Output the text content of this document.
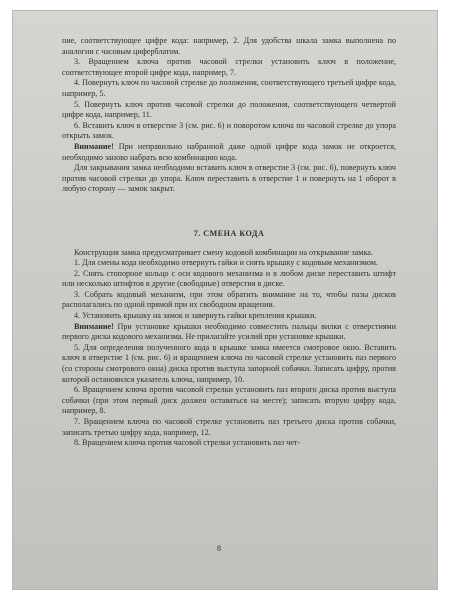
ние, соответствующее цифре кода: например, 2. Для удобства шкала замка выполнена по аналогии с часовым циферблатом.

3. Вращением ключа против часовой стрелки установить ключ в положение, соответствующее второй цифре кода, например, 7.

4. Повернуть ключ по часовой стрелке до положения, соответствующего третьей цифре кода, например, 5.

5. Повернуть ключ против часовой стрелки до положения, соответствующего четвертой цифре кода, например, 11.

6. Вставить ключ в отверстие 3 (см. рис. 6) и поворотом ключа по часовой стрелке до упора открыть замок.

Внимание! При неправильно набранной даже одной цифре кода замок не откроется, необходимо заново набрать всю комбинацию кода.

Для закрывания замка необходимо вставить ключ в отверстие 3 (см. рис. 6), повернуть ключ против часовой стрелки до упора. Ключ переставить в отверстие 1 и повернуть на 1 оборот в любую сторону — замок закрыт.

7. СМЕНА КОДА

Конструкция замка предусматривает смену кодовой комбинации на открывание замка.

1. Для смены кода необходимо отвернуть гайки и снять крышку с кодовым механизмом.

2. Снять стопорное кольцо с оси кодового механизма и в любом диске переставить штифт или несколько штифтов в другие (свободные) отверстия в диске.

3. Собрать кодовый механизм, при этом обратить внимание на то, чтобы пазы дисков располагались по одной прямой при их свободном вращении.

4. Установить крышку на замок и завернуть гайки крепления крышки.

Внимание! При установке крышки необходимо совместить пальцы вилки с отверстиями первого диска кодового механизма. Не прилагайте усилий при установке крышки.

5. Для определения полученного кода в крышке замка имеется смотровое окно. Вставить ключ в отверстие 1 (см. рис. 6) и вращением ключа по часовой стрелке установить паз первого (со стороны смотрового окна) диска против выступа запорной собачки. Записать цифру, против которой остановился указатель ключа, например, 10.

6. Вращением ключа против часовой стрелки установить паз второго диска против выступа собачки (при этом первый диск должен оставаться на месте); записать вторую цифру кода, например, 8.

7. Вращением ключа по часовой стрелке установить паз третьего диска против собачки, записать третью цифру кода, например, 12.

8. Вращением ключа против часовой стрелки установить паз чет-

8
